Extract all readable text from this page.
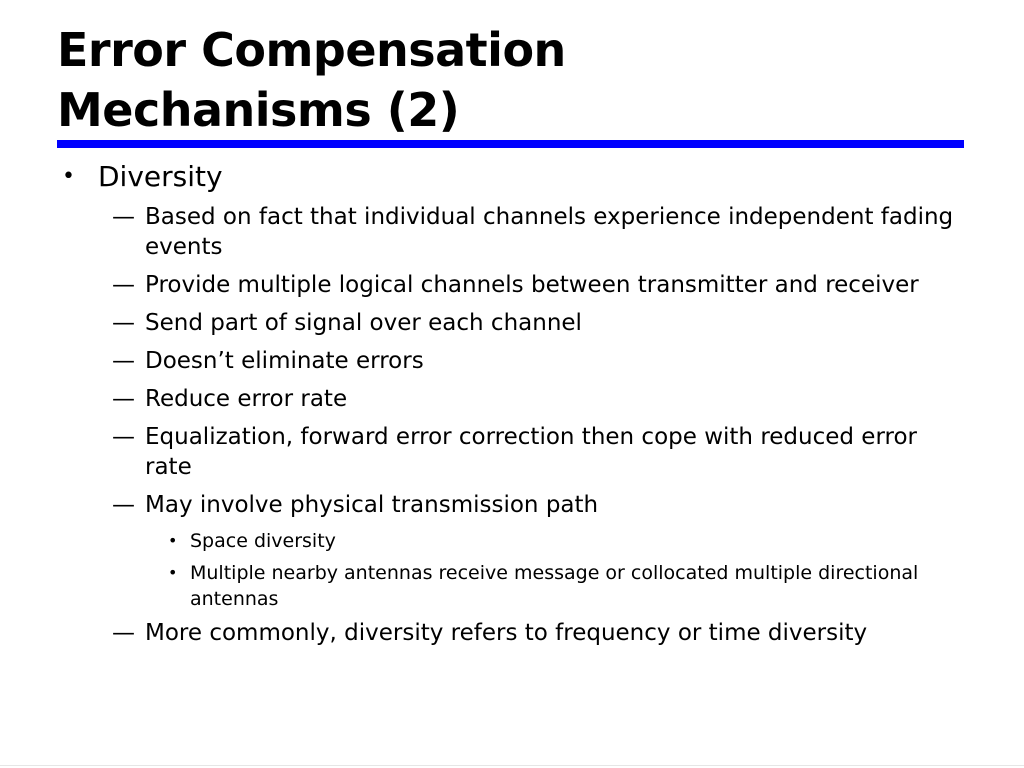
Error Compensation
Mechanisms (2)
• Diversity
— Based on fact that individual channels experience independent fading events
— Provide multiple logical channels between transmitter and receiver
— Send part of signal over each channel
— Doesn’t eliminate errors
— Reduce error rate
— Equalization, forward error correction then cope with reduced error rate
— May involve physical transmission path
• Space diversity
• Multiple nearby antennas receive message or collocated multiple directional antennas
— More commonly, diversity refers to frequency or time diversity
